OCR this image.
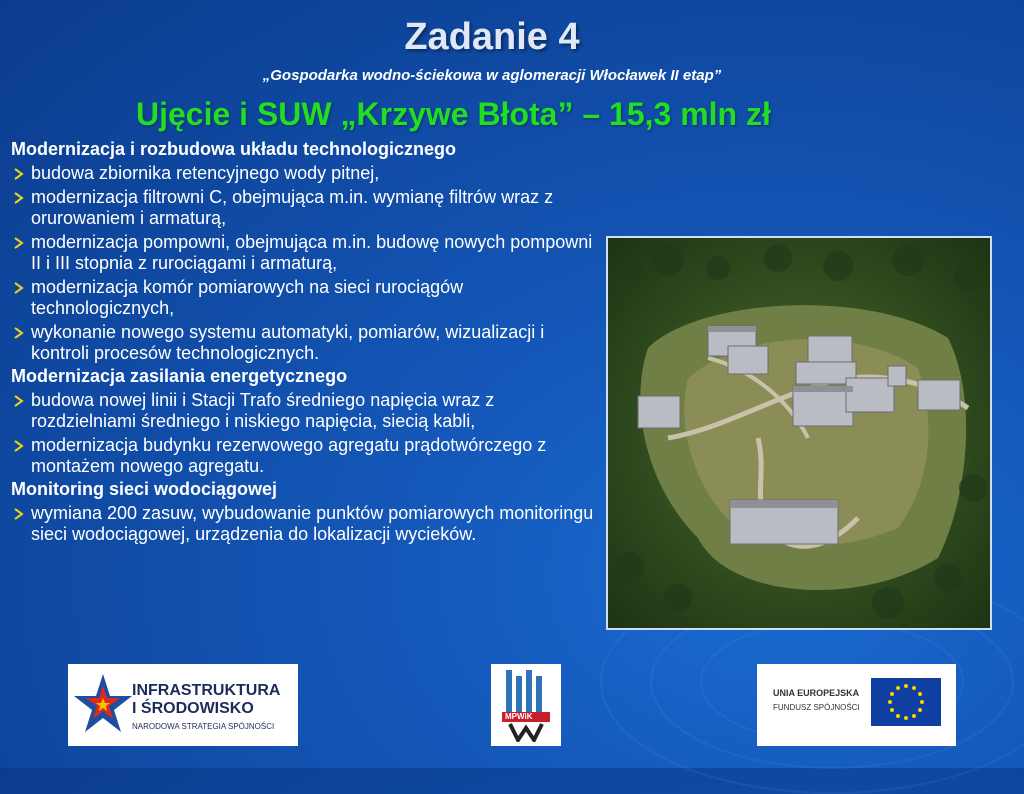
Zadanie 4
„Gospodarka wodno-ściekowa w aglomeracji Włocławek II etap”
Ujęcie i SUW „Krzywe Błota” – 15,3 mln zł
Modernizacja i rozbudowa układu technologicznego
budowa zbiornika retencyjnego wody pitnej,
modernizacja filtrowni C, obejmująca m.in. wymianę filtrów wraz z orurowaniem i armaturą,
modernizacja pompowni, obejmująca m.in. budowę nowych pompowni II i III stopnia z rurociągami i armaturą,
modernizacja komór pomiarowych na sieci rurociągów technologicznych,
wykonanie nowego systemu automatyki, pomiarów, wizualizacji i kontroli procesów technologicznych.
Modernizacja zasilania energetycznego
budowa nowej linii i Stacji Trafo średniego napięcia wraz z rozdzielniami średniego i niskiego napięcia, siecią kabli,
modernizacja budynku rezerwowego agregatu prądotwórczego z montażem nowego agregatu.
Monitoring sieci wodociągowej
wymiana 200 zasuw, wybudowanie punktów pomiarowych monitoringu sieci wodociągowej, urządzenia do lokalizacji wycieków.
INFRASTRUKTURA
I ŚRODOWISKO
NARODOWA STRATEGIA SPÓJNOŚCI
MPWiK
UNIA EUROPEJSKA
FUNDUSZ SPÓJNOŚCI
